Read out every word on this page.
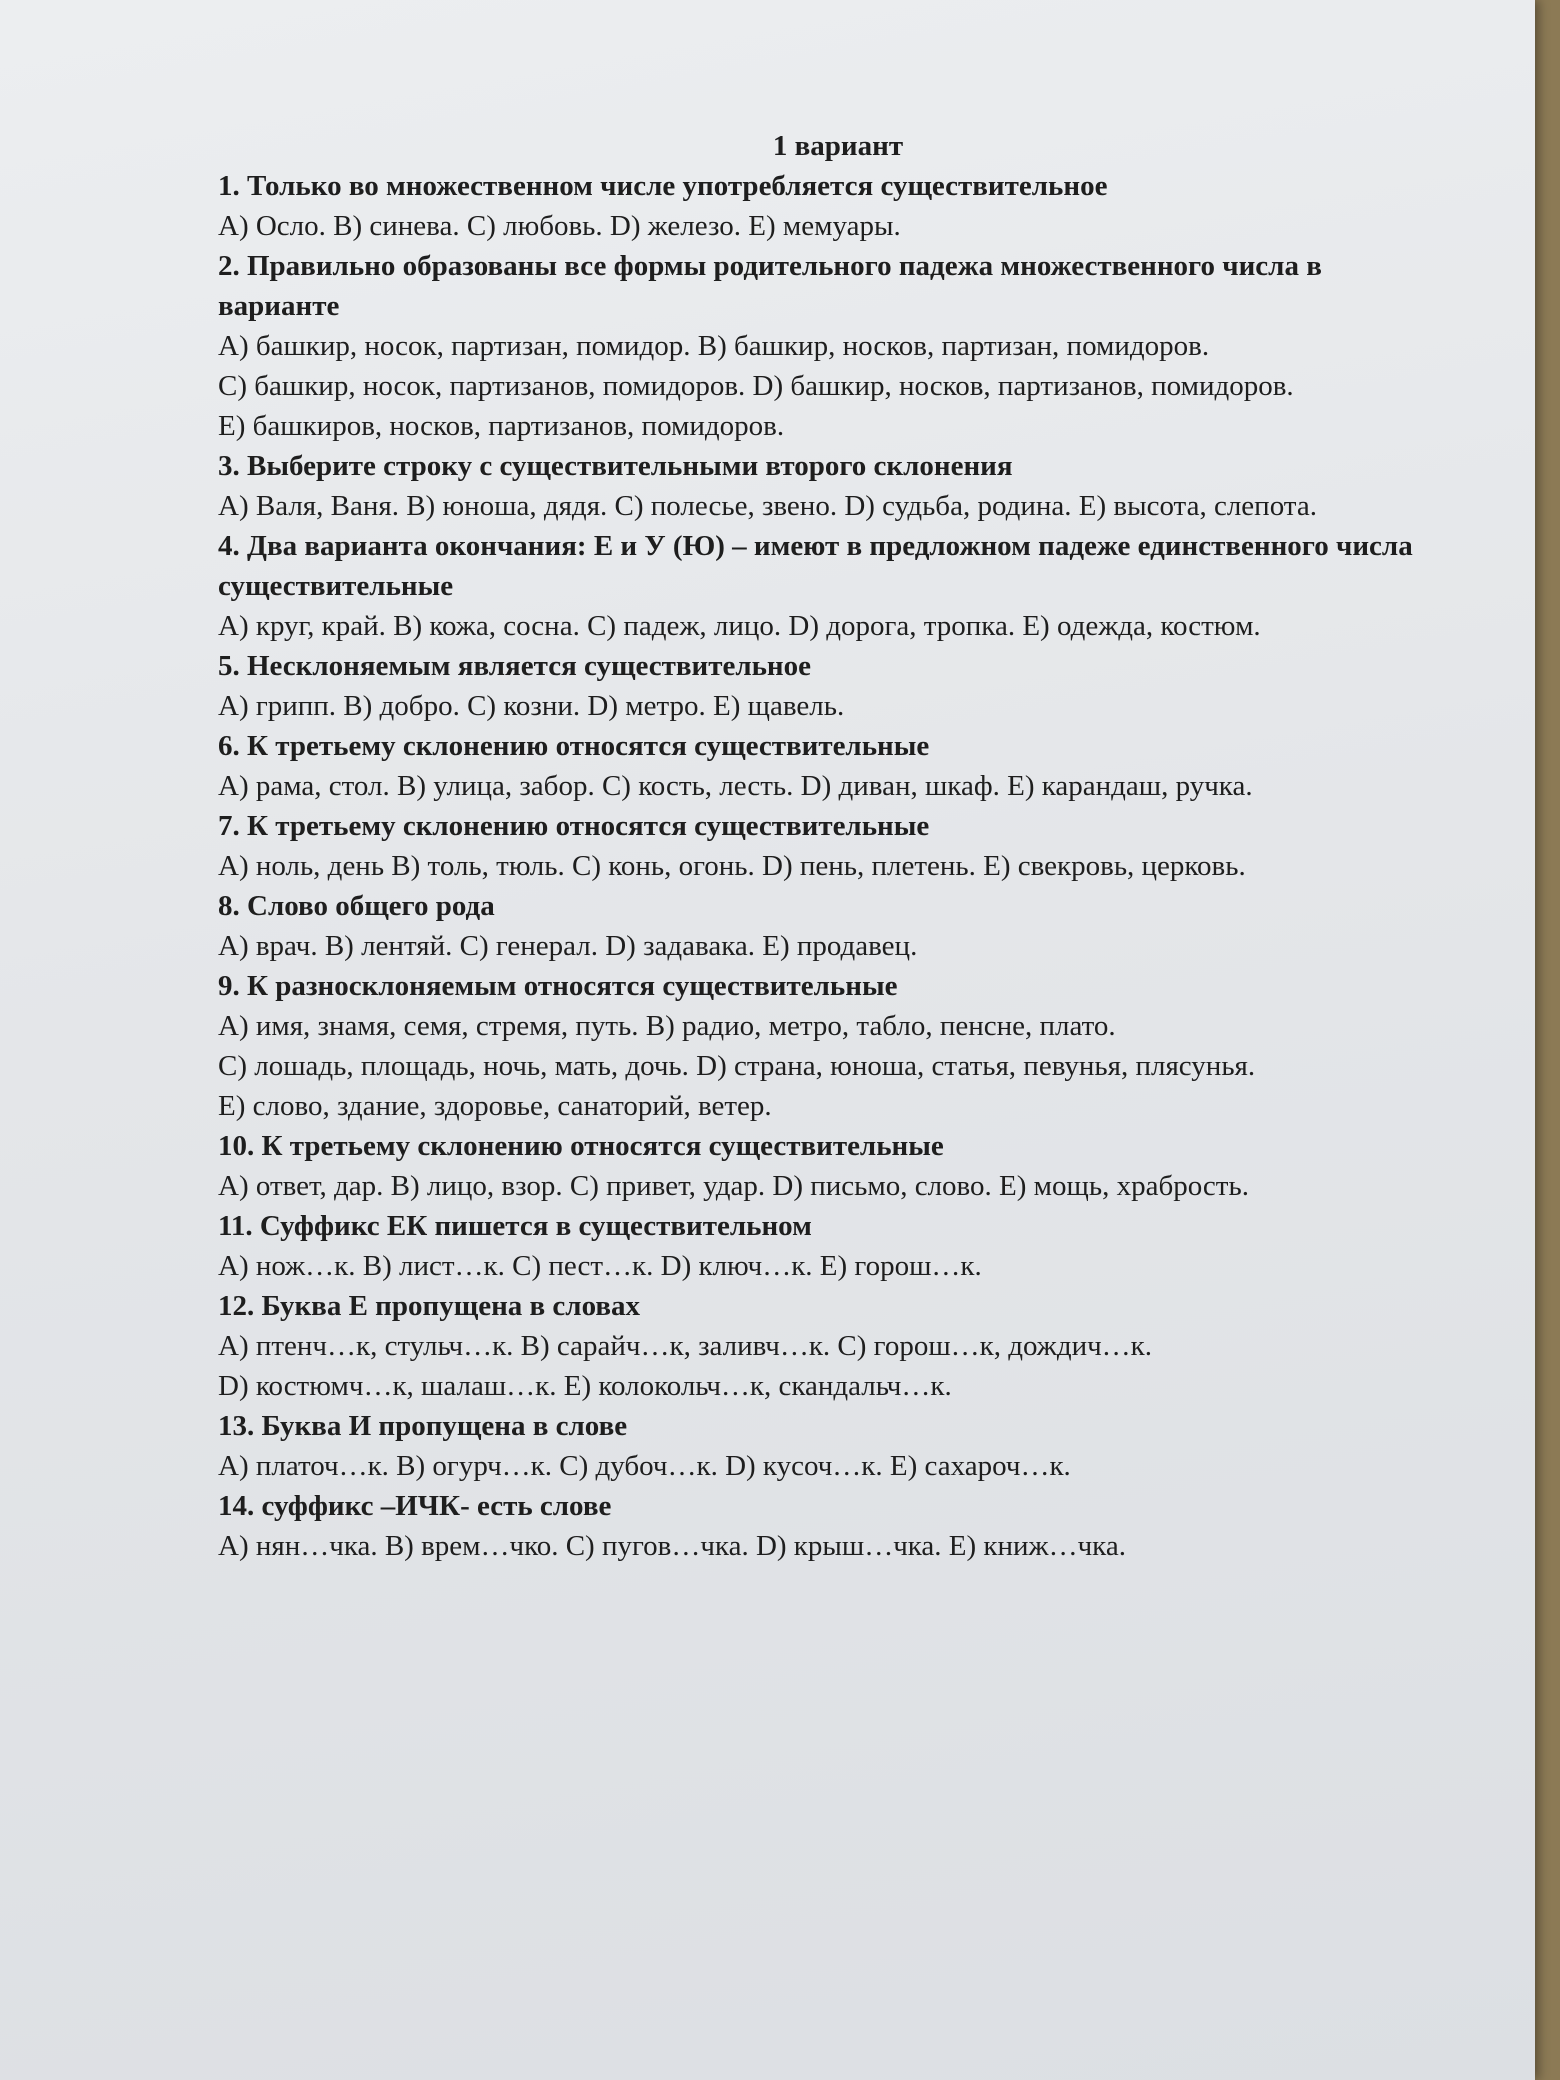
1 вариант

1. Только во множественном числе употребляется существительное

A) Осло. B) синева. C) любовь. D) железо. E) мемуары.

2. Правильно образованы все формы родительного падежа множественного числа в варианте

A) башкир, носок, партизан, помидор. B) башкир, носков, партизан, помидоров.

C) башкир, носок, партизанов, помидоров. D) башкир, носков, партизанов, помидоров.

E) башкиров, носков, партизанов, помидоров.

3. Выберите строку с существительными второго склонения

A) Валя, Ваня. B) юноша, дядя. C) полесье, звено. D) судьба, родина. E) высота, слепота.

4. Два варианта окончания: Е и У (Ю) – имеют в предложном падеже единственного числа существительные

A) круг, край. B) кожа, сосна. C) падеж, лицо. D) дорога, тропка. E) одежда, костюм.

5. Несклоняемым является существительное

A) грипп. B) добро. C) козни. D) метро. E) щавель.

6. К третьему склонению относятся существительные

A) рама, стол. B) улица, забор. C) кость, лесть. D) диван, шкаф. E) карандаш, ручка.

7. К третьему склонению относятся существительные

A) ноль, день B) толь, тюль. C) конь, огонь. D) пень, плетень. E) свекровь, церковь.

8. Слово общего рода

A) врач. B) лентяй. C) генерал. D) задавака. E) продавец.

9. К разносклоняемым относятся существительные

A) имя, знамя, семя, стремя, путь. B) радио, метро, табло, пенсне, плато.

C) лошадь, площадь, ночь, мать, дочь. D) страна, юноша, статья, певунья, плясунья.

E) слово, здание, здоровье, санаторий, ветер.

10. К третьему склонению относятся существительные

A) ответ, дар. B) лицо, взор. C) привет, удар. D) письмо, слово. E) мощь, храбрость.

11. Суффикс ЕК пишется в существительном

A) нож…к. B) лист…к. C) пест…к. D) ключ…к. E) горош…к.

12. Буква Е пропущена в словах

A) птенч…к, стульч…к. B) сарайч…к, заливч…к. C) горош…к, дождич…к.

D) костюмч…к, шалаш…к. E) колокольч…к, скандальч…к.

13. Буква И пропущена в слове

A) платоч…к. B) огурч…к. C) дубоч…к. D) кусоч…к. E) сахароч…к.

14. суффикс –ИЧК- есть слове

A) нян…чка. B) врем…чко. C) пугов…чка. D) крыш…чка. E) книж…чка.
